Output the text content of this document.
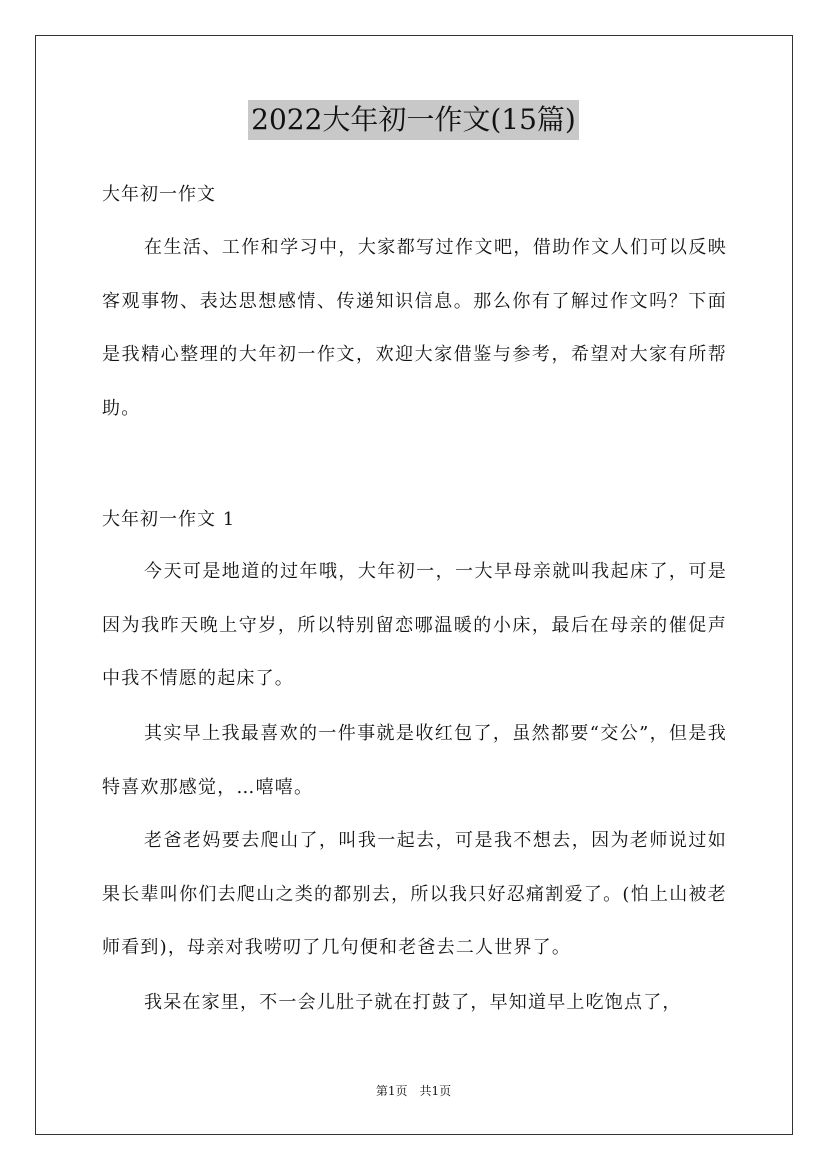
2022大年初一作文(15篇)
大年初一作文

在生活、工作和学习中，大家都写过作文吧，借助作文人们可以反映客观事物、表达思想感情、传递知识信息。那么你有了解过作文吗？下面是我精心整理的大年初一作文，欢迎大家借鉴与参考，希望对大家有所帮助。

大年初一作文 1

今天可是地道的过年哦，大年初一，一大早母亲就叫我起床了，可是因为我昨天晚上守岁，所以特别留恋哪温暖的小床，最后在母亲的催促声中我不情愿的起床了。

其实早上我最喜欢的一件事就是收红包了，虽然都要“交公”，但是我特喜欢那感觉，…嘻嘻。

老爸老妈要去爬山了，叫我一起去，可是我不想去，因为老师说过如果长辈叫你们去爬山之类的都别去，所以我只好忍痛割爱了。(怕上山被老师看到)，母亲对我唠叨了几句便和老爸去二人世界了。

我呆在家里，不一会儿肚子就在打鼓了，早知道早上吃饱点了，

第1页　共1页
